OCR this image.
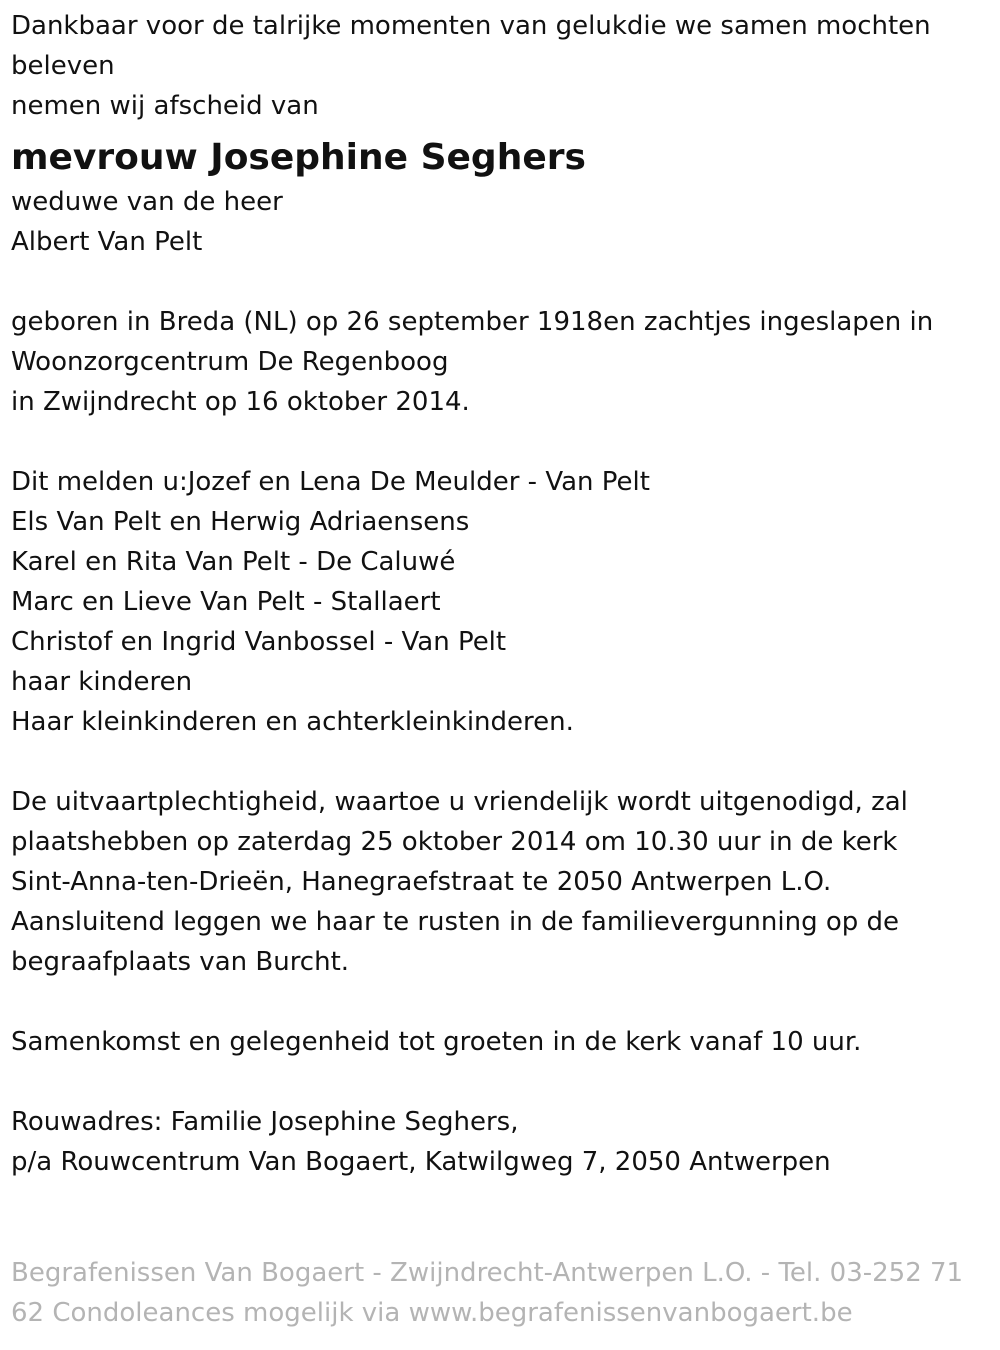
Dankbaar voor de talrijke momenten van gelukdie we samen mochten
beleven
nemen wij afscheid van
mevrouw Josephine Seghers
weduwe van de heer
Albert Van Pelt
geboren in Breda (NL) op 26 september 1918en zachtjes ingeslapen in
Woonzorgcentrum De Regenboog
in Zwijndrecht op 16 oktober 2014.
Dit melden u:Jozef en Lena De Meulder - Van Pelt
Els Van Pelt en Herwig Adriaensens
Karel en Rita Van Pelt - De Caluwé
Marc en Lieve Van Pelt - Stallaert
Christof en Ingrid Vanbossel - Van Pelt
haar kinderen
Haar kleinkinderen en achterkleinkinderen.
De uitvaartplechtigheid, waartoe u vriendelijk wordt uitgenodigd, zal
plaatshebben op zaterdag 25 oktober 2014 om 10.30 uur in de kerk
Sint-Anna-ten-Drieën, Hanegraefstraat te 2050 Antwerpen L.O.
Aansluitend leggen we haar te rusten in de familievergunning op de
begraafplaats van Burcht.
Samenkomst en gelegenheid tot groeten in de kerk vanaf 10 uur.
Rouwadres: Familie Josephine Seghers,
p/a Rouwcentrum Van Bogaert, Katwilgweg 7, 2050 Antwerpen
Begrafenissen Van Bogaert - Zwijndrecht-Antwerpen L.O. - Tel. 03-252 71
62 Condoleances mogelijk via www.begrafenissenvanbogaert.be
